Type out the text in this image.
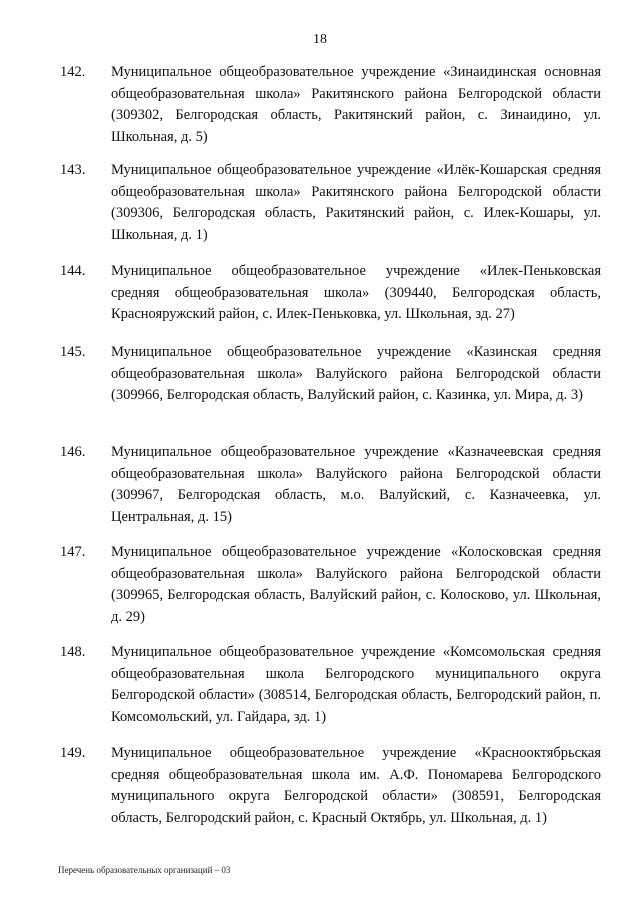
18
142. Муниципальное общеобразовательное учреждение «Зинаидинская основная общеобразовательная школа» Ракитянского района Белгородской области (309302, Белгородская область, Ракитянский район, с. Зинаидино, ул. Школьная, д. 5)

143. Муниципальное общеобразовательное учреждение «Илёк-Кошарская средняя общеобразовательная школа» Ракитянского района Белгородской области (309306, Белгородская область, Ракитянский район, с. Илек-Кошары, ул. Школьная, д. 1)

144. Муниципальное общеобразовательное учреждение «Илек-Пеньковская средняя общеобразовательная школа» (309440, Белгородская область, Краснояружский район, с. Илек-Пеньковка, ул. Школьная, зд. 27)

145. Муниципальное общеобразовательное учреждение «Казинская средняя общеобразовательная школа» Валуйского района Белгородской области (309966, Белгородская область, Валуйский район, с. Казинка, ул. Мира, д. 3)

146. Муниципальное общеобразовательное учреждение «Казначеевская средняя общеобразовательная школа» Валуйского района Белгородской области (309967, Белгородская область, м.о. Валуйский, с. Казначеевка, ул. Центральная, д. 15)

147. Муниципальное общеобразовательное учреждение «Колосковская средняя общеобразовательная школа» Валуйского района Белгородской области (309965, Белгородская область, Валуйский район, с. Колосково, ул. Школьная, д. 29)

148. Муниципальное общеобразовательное учреждение «Комсомольская средняя общеобразовательная школа Белгородского муниципального округа Белгородской области» (308514, Белгородская область, Белгородский район, п. Комсомольский, ул. Гайдара, зд. 1)

149. Муниципальное общеобразовательное учреждение «Краснооктябрьская средняя общеобразовательная школа им. А.Ф. Пономарева Белгородского муниципального округа Белгородской области» (308591, Белгородская область, Белгородский район, с. Красный Октябрь, ул. Школьная, д. 1)

Перечень образовательных организаций – 03
